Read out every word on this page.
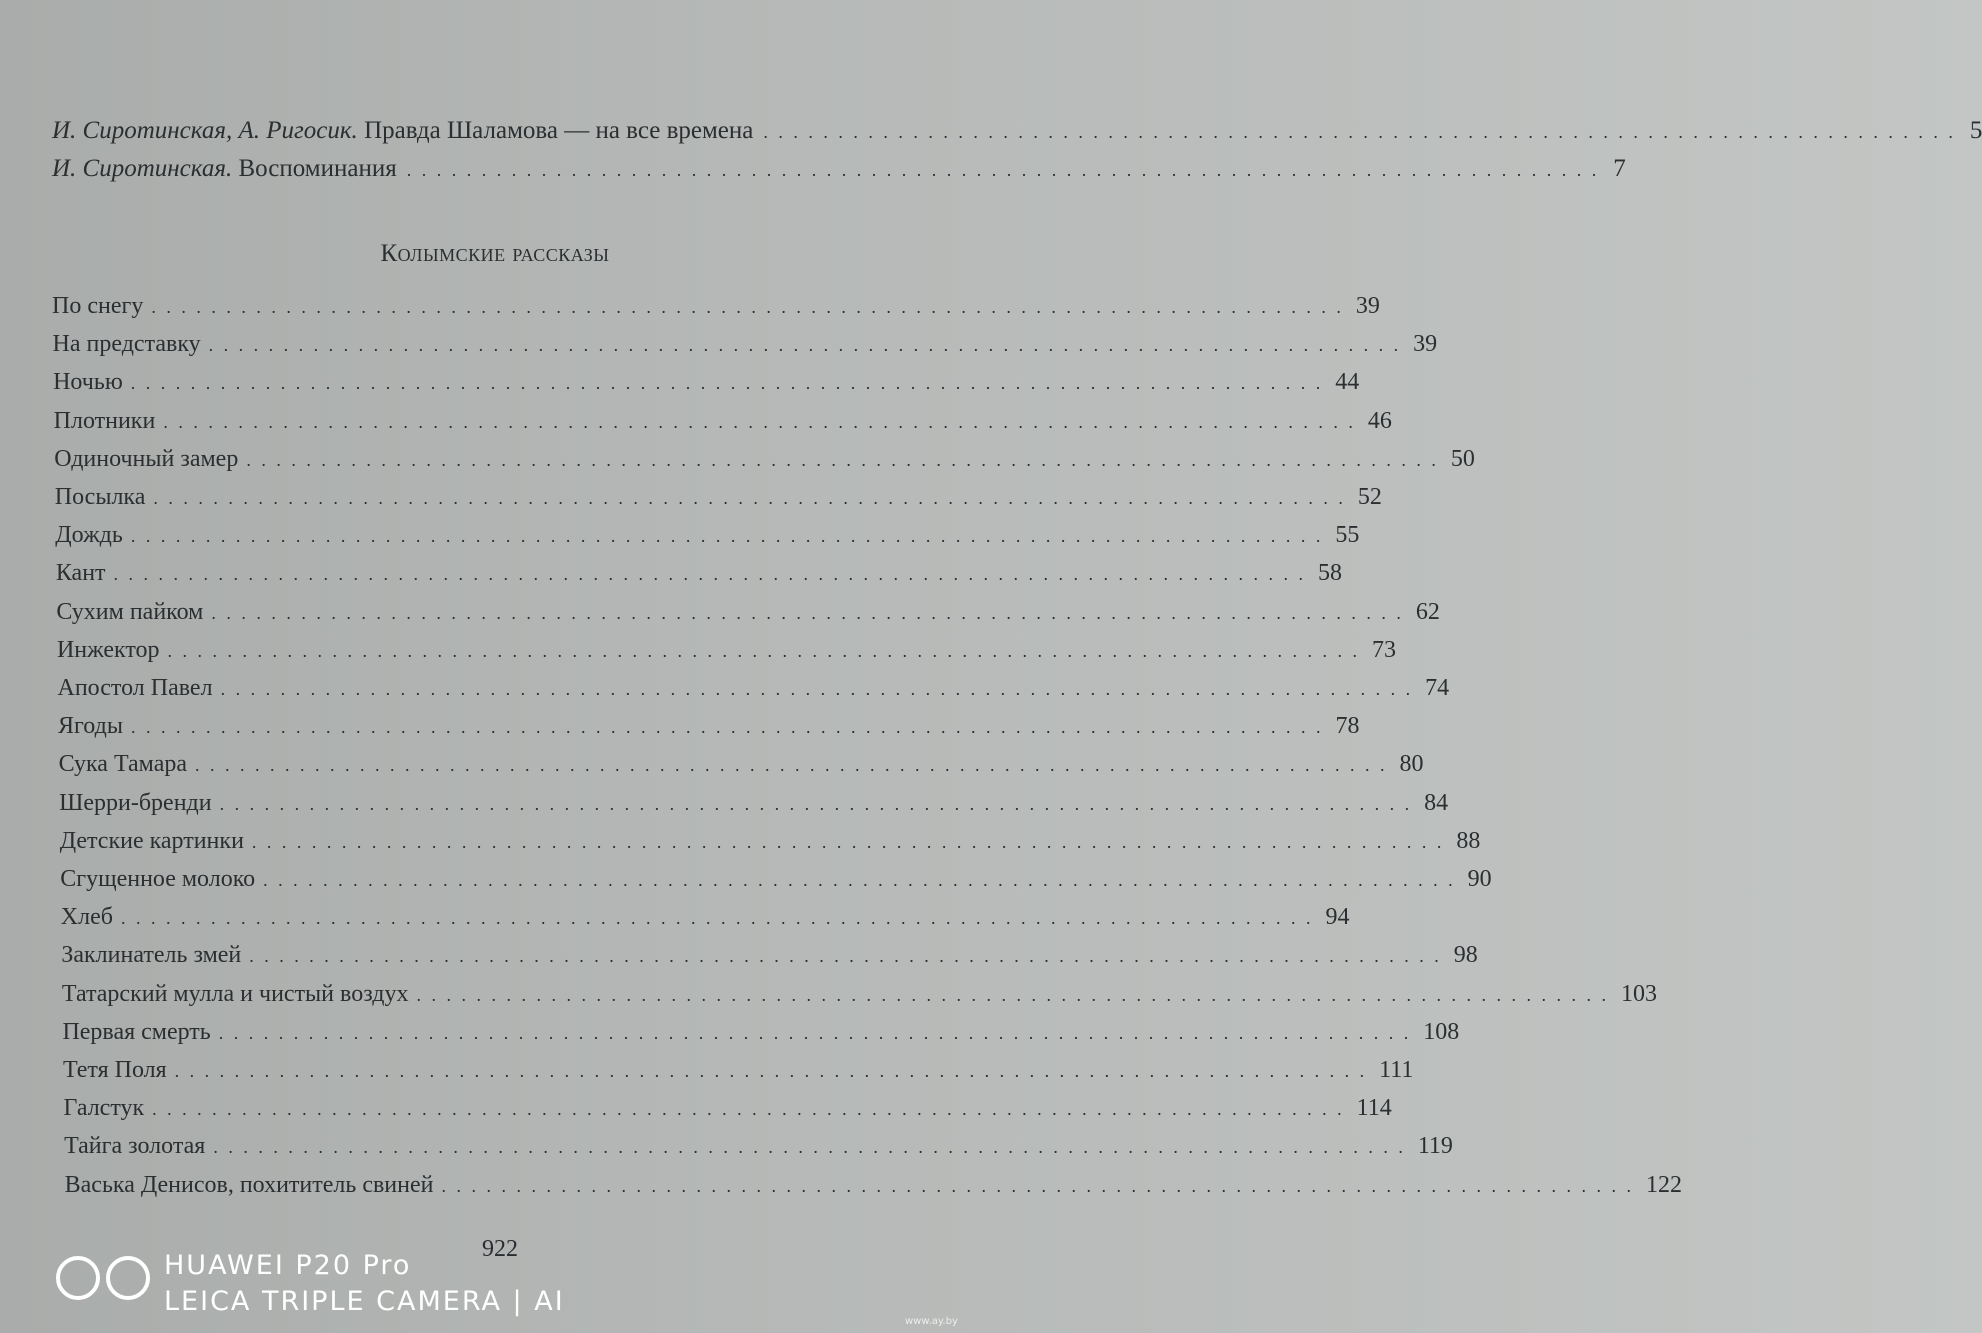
И. Сиротинская, А. Ригосик. Правда Шаламова — на все времена . . . . . . . . . . . . . . . . . . . . . . . . . . . . . . . . . . . . . . . . . . . . . . . . . . . . . . . . . . . . . . . . . . . . . . . . . . . . . . . . 5
И. Сиротинская. Воспоминания . . . . . . . . . . . . . . . . . . . . . . . . . . . . . . . . . . . . . . . . . . . . . . . . . . . . . . . . . . . . . . . . . . . . . . . . . . . . . . . . 7
Колымские рассказы
По снегу . . . . . . . . . . . . . . . . . . . . . . . . . . . . . . . . . . . . . . . . . . . . . . . . . . . . . . . . . . . . . . . . . . . . . . . . . . . . . . . . 39
На представку . . . . . . . . . . . . . . . . . . . . . . . . . . . . . . . . . . . . . . . . . . . . . . . . . . . . . . . . . . . . . . . . . . . . . . . . . . . . . . . . 39
Ночью . . . . . . . . . . . . . . . . . . . . . . . . . . . . . . . . . . . . . . . . . . . . . . . . . . . . . . . . . . . . . . . . . . . . . . . . . . . . . . . . 44
Плотники . . . . . . . . . . . . . . . . . . . . . . . . . . . . . . . . . . . . . . . . . . . . . . . . . . . . . . . . . . . . . . . . . . . . . . . . . . . . . . . . 46
Одиночный замер . . . . . . . . . . . . . . . . . . . . . . . . . . . . . . . . . . . . . . . . . . . . . . . . . . . . . . . . . . . . . . . . . . . . . . . . . . . . . . . . 50
Посылка . . . . . . . . . . . . . . . . . . . . . . . . . . . . . . . . . . . . . . . . . . . . . . . . . . . . . . . . . . . . . . . . . . . . . . . . . . . . . . . . 52
Дождь . . . . . . . . . . . . . . . . . . . . . . . . . . . . . . . . . . . . . . . . . . . . . . . . . . . . . . . . . . . . . . . . . . . . . . . . . . . . . . . . 55
Кант . . . . . . . . . . . . . . . . . . . . . . . . . . . . . . . . . . . . . . . . . . . . . . . . . . . . . . . . . . . . . . . . . . . . . . . . . . . . . . . . 58
Сухим пайком . . . . . . . . . . . . . . . . . . . . . . . . . . . . . . . . . . . . . . . . . . . . . . . . . . . . . . . . . . . . . . . . . . . . . . . . . . . . . . . . 62
Инжектор . . . . . . . . . . . . . . . . . . . . . . . . . . . . . . . . . . . . . . . . . . . . . . . . . . . . . . . . . . . . . . . . . . . . . . . . . . . . . . . . 73
Апостол Павел . . . . . . . . . . . . . . . . . . . . . . . . . . . . . . . . . . . . . . . . . . . . . . . . . . . . . . . . . . . . . . . . . . . . . . . . . . . . . . . . 74
Ягоды . . . . . . . . . . . . . . . . . . . . . . . . . . . . . . . . . . . . . . . . . . . . . . . . . . . . . . . . . . . . . . . . . . . . . . . . . . . . . . . . 78
Сука Тамара . . . . . . . . . . . . . . . . . . . . . . . . . . . . . . . . . . . . . . . . . . . . . . . . . . . . . . . . . . . . . . . . . . . . . . . . . . . . . . . . 80
Шерри-бренди . . . . . . . . . . . . . . . . . . . . . . . . . . . . . . . . . . . . . . . . . . . . . . . . . . . . . . . . . . . . . . . . . . . . . . . . . . . . . . . . 84
Детские картинки . . . . . . . . . . . . . . . . . . . . . . . . . . . . . . . . . . . . . . . . . . . . . . . . . . . . . . . . . . . . . . . . . . . . . . . . . . . . . . . . 88
Сгущенное молоко . . . . . . . . . . . . . . . . . . . . . . . . . . . . . . . . . . . . . . . . . . . . . . . . . . . . . . . . . . . . . . . . . . . . . . . . . . . . . . . . 90
Хлеб . . . . . . . . . . . . . . . . . . . . . . . . . . . . . . . . . . . . . . . . . . . . . . . . . . . . . . . . . . . . . . . . . . . . . . . . . . . . . . . . 94
Заклинатель змей . . . . . . . . . . . . . . . . . . . . . . . . . . . . . . . . . . . . . . . . . . . . . . . . . . . . . . . . . . . . . . . . . . . . . . . . . . . . . . . . 98
Татарский мулла и чистый воздух . . . . . . . . . . . . . . . . . . . . . . . . . . . . . . . . . . . . . . . . . . . . . . . . . . . . . . . . . . . . . . . . . . . . . . . . . . . . . . . . 103
Первая смерть . . . . . . . . . . . . . . . . . . . . . . . . . . . . . . . . . . . . . . . . . . . . . . . . . . . . . . . . . . . . . . . . . . . . . . . . . . . . . . . . 108
Тетя Поля . . . . . . . . . . . . . . . . . . . . . . . . . . . . . . . . . . . . . . . . . . . . . . . . . . . . . . . . . . . . . . . . . . . . . . . . . . . . . . . . 111
Галстук . . . . . . . . . . . . . . . . . . . . . . . . . . . . . . . . . . . . . . . . . . . . . . . . . . . . . . . . . . . . . . . . . . . . . . . . . . . . . . . . 114
Тайга золотая . . . . . . . . . . . . . . . . . . . . . . . . . . . . . . . . . . . . . . . . . . . . . . . . . . . . . . . . . . . . . . . . . . . . . . . . . . . . . . . . 119
Васька Денисов, похититель свиней . . . . . . . . . . . . . . . . . . . . . . . . . . . . . . . . . . . . . . . . . . . . . . . . . . . . . . . . . . . . . . . . . . . . . . . . . . . . . . . . 122
922
HUAWEI P20 Pro
LEICA TRIPLE CAMERA | AI
www.ay.by
